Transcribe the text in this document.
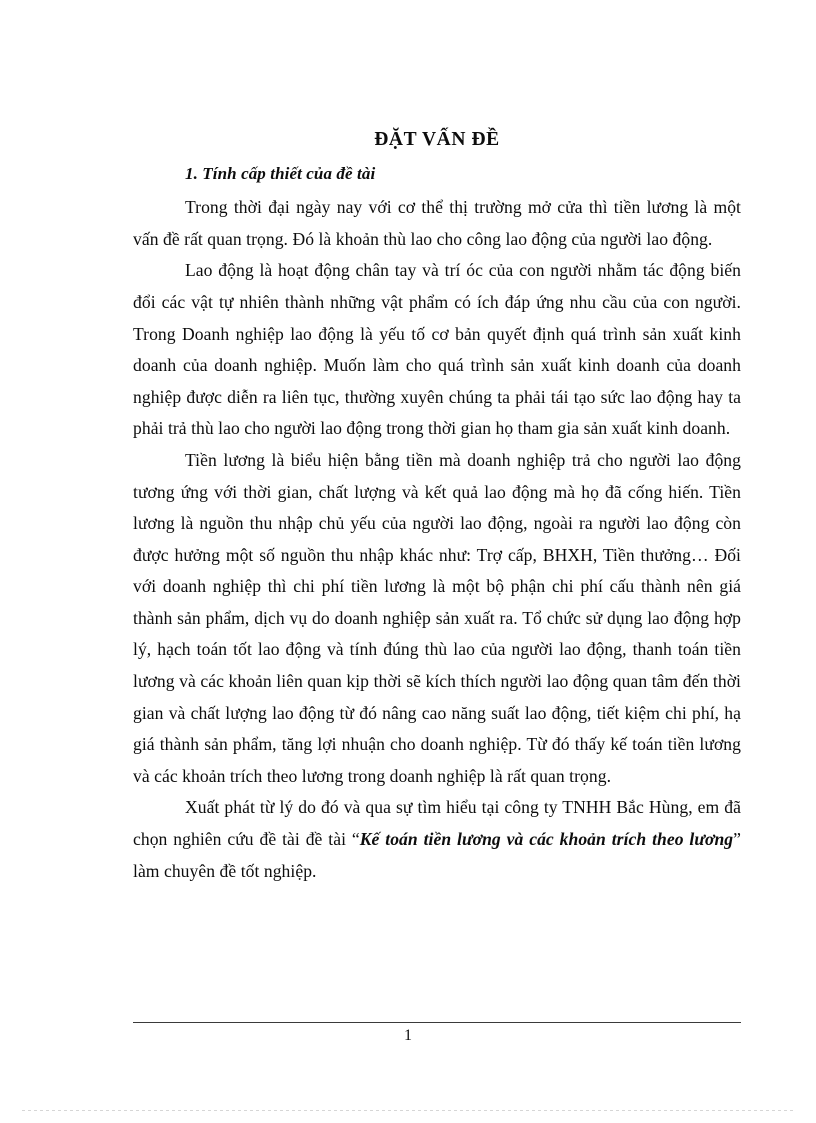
ĐẶT VẤN ĐỀ
1. Tính cấp thiết của đề tài

Trong thời đại ngày nay với cơ thể thị trường mở cửa thì tiền lương là một vấn đề rất quan trọng. Đó là khoản thù lao cho công lao động của người lao động.

Lao động là hoạt động chân tay và trí óc của con người nhằm tác động biến đổi các vật tự nhiên thành những vật phẩm có ích đáp ứng nhu cầu của con người. Trong Doanh nghiệp lao động là yếu tố cơ bản quyết định quá trình sản xuất kinh doanh của doanh nghiệp. Muốn làm cho quá trình sản xuất kinh doanh của doanh nghiệp được diễn ra liên tục, thường xuyên chúng ta phải tái tạo sức lao động hay ta phải trả thù lao cho người lao động trong thời gian họ tham gia sản xuất kinh doanh.

Tiền lương là biểu hiện bằng tiền mà doanh nghiệp trả cho người lao động tương ứng với thời gian, chất lượng và kết quả lao động mà họ đã cống hiến. Tiền lương là nguồn thu nhập chủ yếu của người lao động, ngoài ra người lao động còn được hưởng một số nguồn thu nhập khác như: Trợ cấp, BHXH, Tiền thưởng… Đối với doanh nghiệp thì chi phí tiền lương là một bộ phận chi phí cấu thành nên giá thành sản phẩm, dịch vụ do doanh nghiệp sản xuất ra. Tổ chức sử dụng lao động hợp lý, hạch toán tốt lao động và tính đúng thù lao của người lao động, thanh toán tiền lương và các khoản liên quan kịp thời sẽ kích thích người lao động quan tâm đến thời gian và chất lượng lao động từ đó nâng cao năng suất lao động, tiết kiệm chi phí, hạ giá thành sản phẩm, tăng lợi nhuận cho doanh nghiệp. Từ đó thấy kế toán tiền lương và các khoản trích theo lương trong doanh nghiệp là rất quan trọng.

Xuất phát từ lý do đó và qua sự tìm hiểu tại công ty TNHH Bắc Hùng, em đã chọn nghiên cứu đề tài đề tài “Kế toán tiền lương và các khoản trích theo lương” làm chuyên đề tốt nghiệp.

1
